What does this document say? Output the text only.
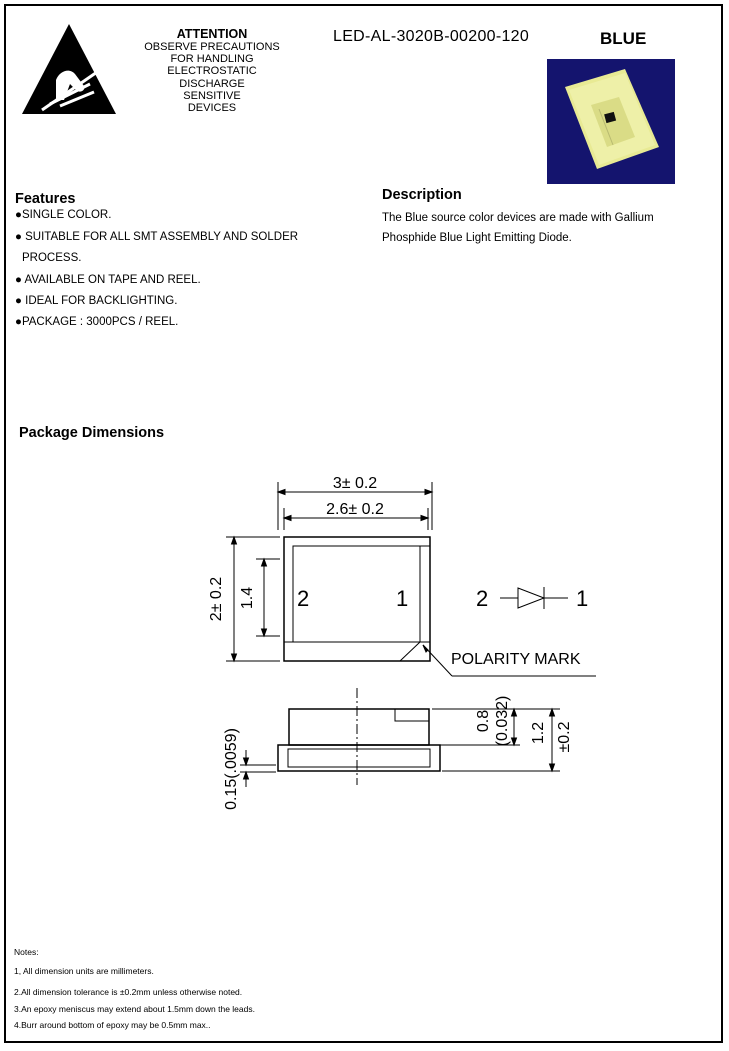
ATTENTION
OBSERVE PRECAUTIONS
FOR HANDLING
ELECTROSTATIC
DISCHARGE
SENSITIVE
DEVICES
LED-AL-3020B-00200-120	BLUE
Features
●SINGLE COLOR.
● SUITABLE FOR ALL SMT ASSEMBLY AND SOLDER
PROCESS.
● AVAILABLE ON TAPE AND REEL.
● IDEAL FOR BACKLIGHTING.
●PACKAGE : 3000PCS / REEL.
Description
The Blue source color devices are made with Gallium Phosphide Blue Light Emitting Diode.
Package Dimensions
3± 0.2
2.6± 0.2
2± 0.2 1.4 2	1	2	1
POLARITY MARK
0.15(.0059)
0.8 (0.032) 1.2 ±0.2
Notes:
1, All dimension units are millimeters.
2.All dimension tolerance is ±0.2mm unless otherwise noted.
3.An epoxy meniscus may extend about 1.5mm down the leads.
4.Burr around bottom of epoxy may be 0.5mm max..
